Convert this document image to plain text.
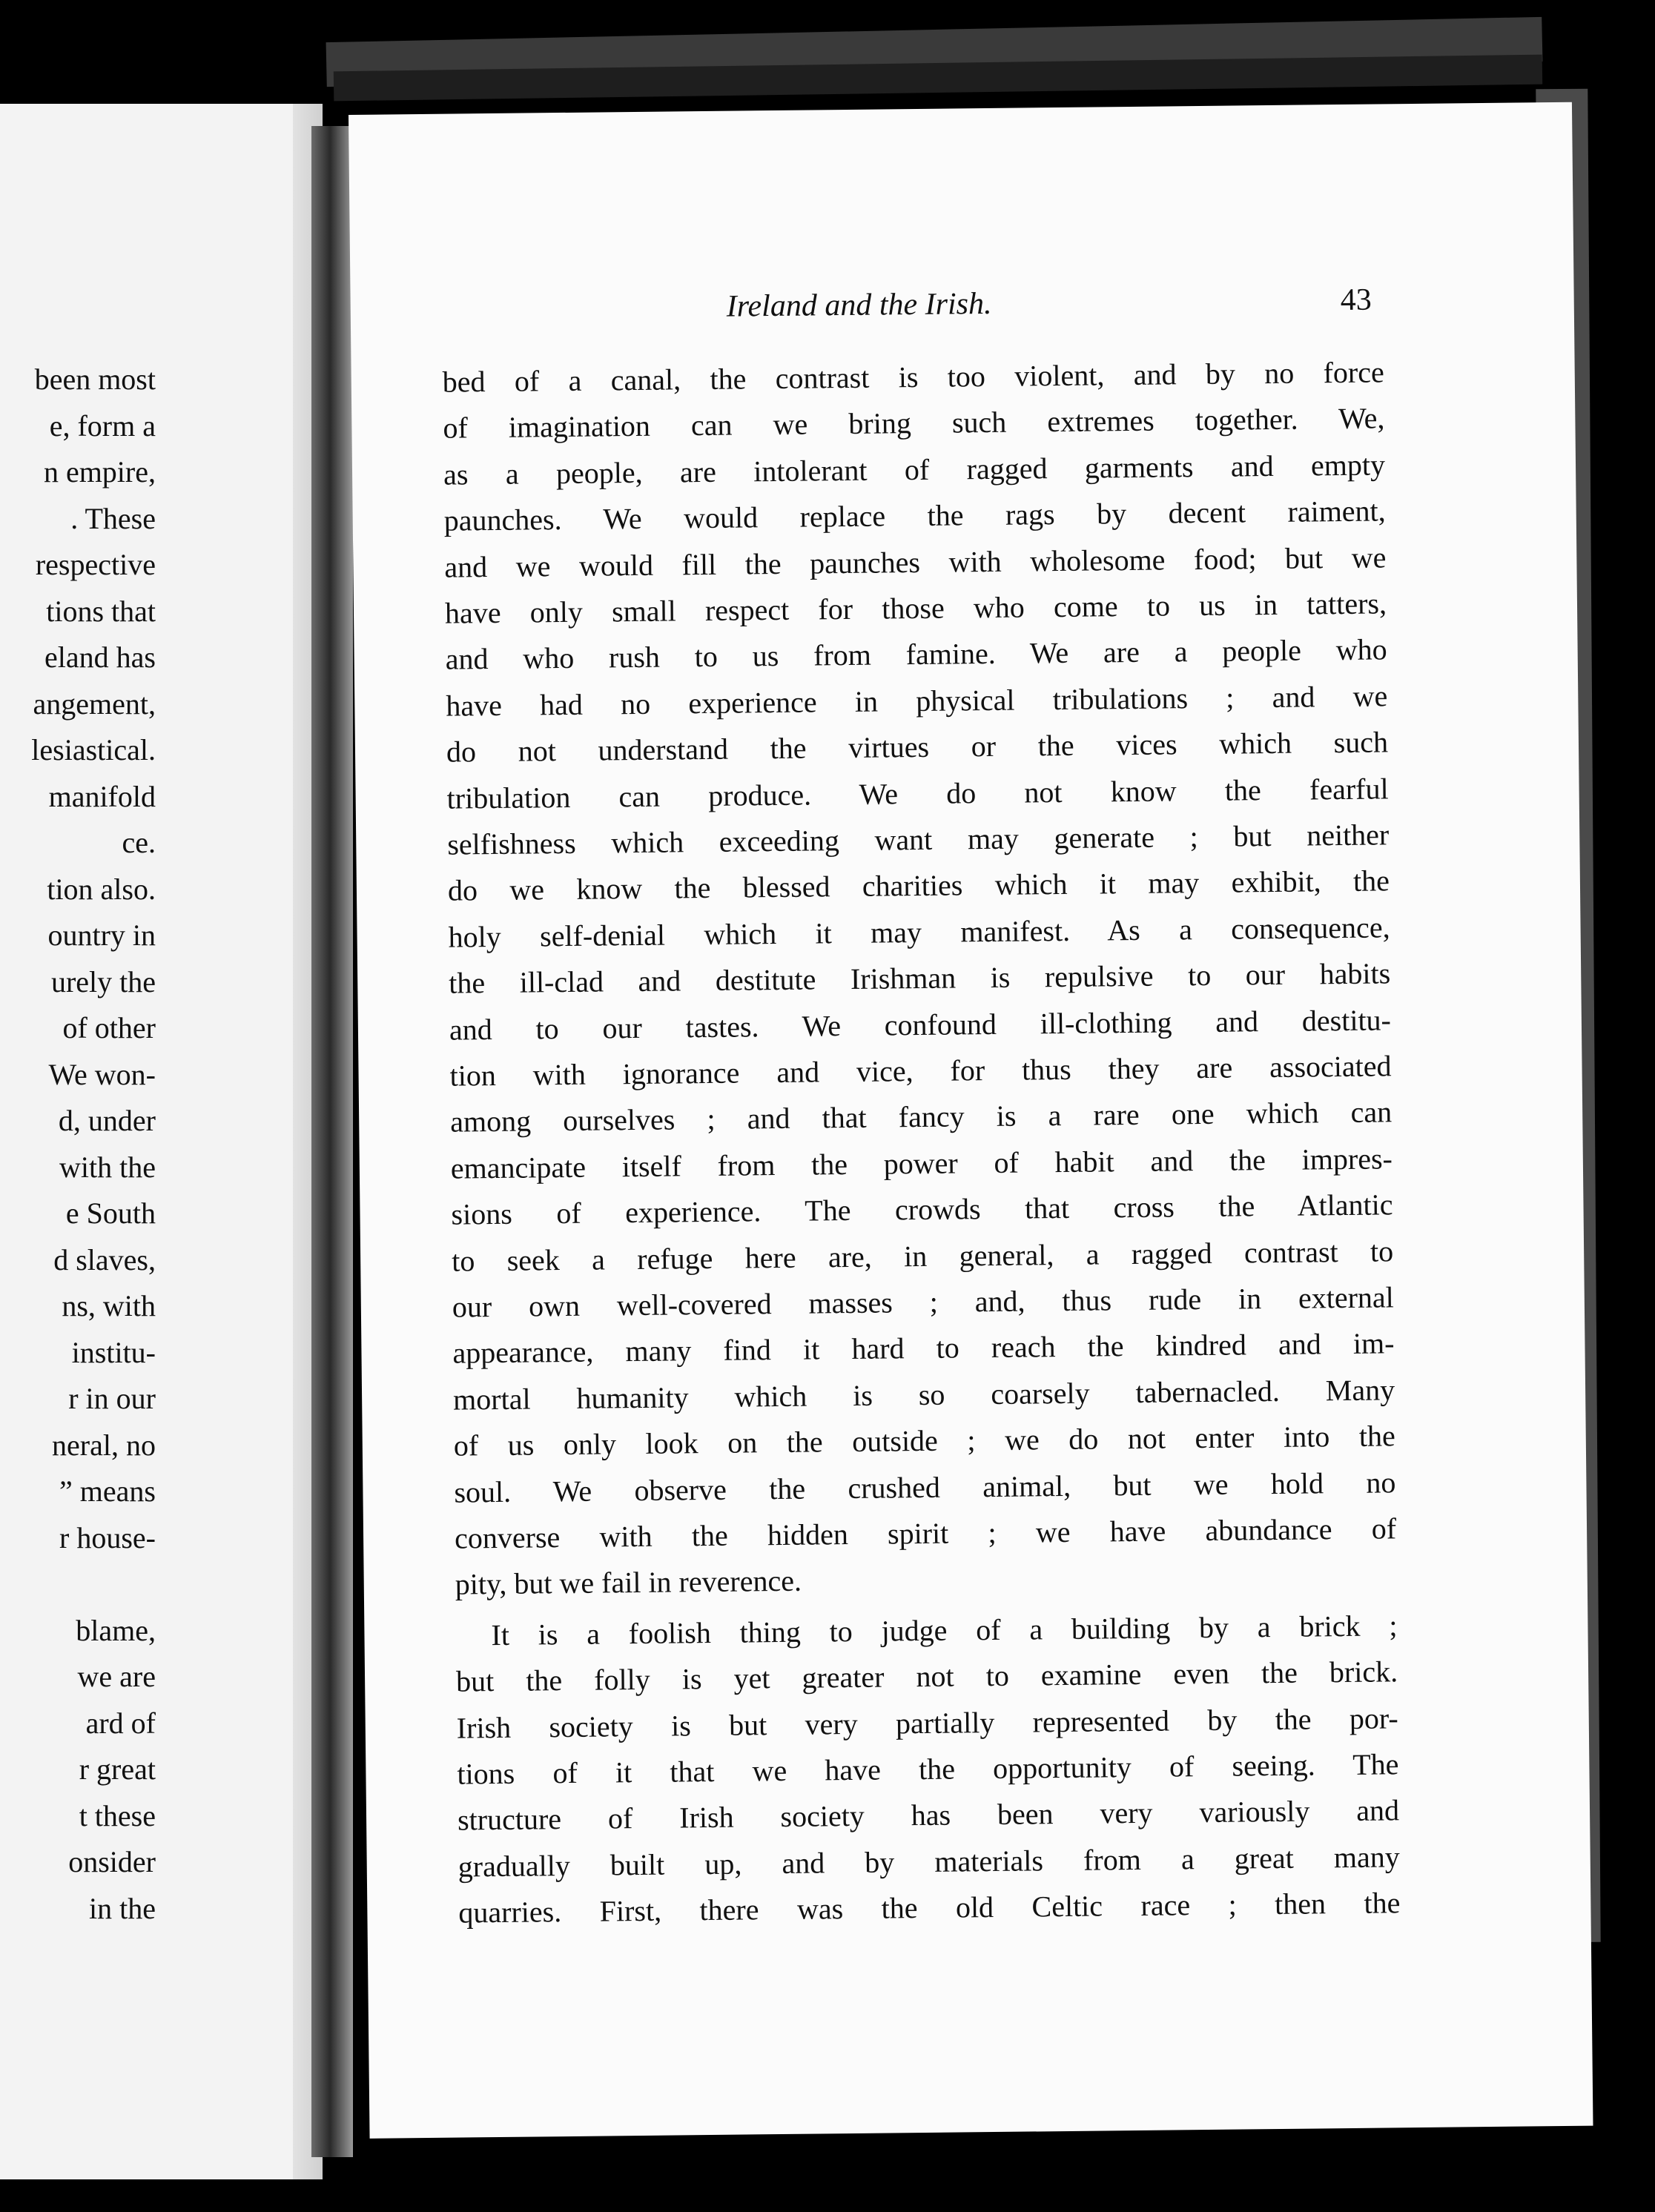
been most
e, form a
n empire,
. These
respective
tions that
eland has
angement,
lesiastical.
manifold
ce.
tion also.
ountry in
urely the
of other
We won-
d, under
with the
e South
d slaves,
ns, with
institu-
r in our
neral, no
” means
r house-
blame,
we are
ard of
r great
t these
onsider
in the
Ireland and the Irish.	43
bed of a canal, the contrast is too violent, and by no force
of imagination can we bring such extremes together. We,
as a people, are intolerant of ragged garments and empty
paunches. We would replace the rags by decent raiment,
and we would fill the paunches with wholesome food; but we
have only small respect for those who come to us in tatters,
and who rush to us from famine. We are a people who
have had no experience in physical tribulations ; and we
do not understand the virtues or the vices which such
tribulation can produce. We do not know the fearful
selfishness which exceeding want may generate ; but neither
do we know the blessed charities which it may exhibit, the
holy self-denial which it may manifest. As a consequence,
the ill-clad and destitute Irishman is repulsive to our habits
and to our tastes. We confound ill-clothing and destitu-
tion with ignorance and vice, for thus they are associated
among ourselves ; and that fancy is a rare one which can
emancipate itself from the power of habit and the impres-
sions of experience. The crowds that cross the Atlantic
to seek a refuge here are, in general, a ragged contrast to
our own well-covered masses ; and, thus rude in external
appearance, many find it hard to reach the kindred and im-
mortal humanity which is so coarsely tabernacled. Many
of us only look on the outside ; we do not enter into the
soul. We observe the crushed animal, but we hold no
converse with the hidden spirit ; we have abundance of
pity, but we fail in reverence.
It is a foolish thing to judge of a building by a brick ;
but the folly is yet greater not to examine even the brick.
Irish society is but very partially represented by the por-
tions of it that we have the opportunity of seeing. The
structure of Irish society has been very variously and
gradually built up, and by materials from a great many
quarries. First, there was the old Celtic race ; then the
